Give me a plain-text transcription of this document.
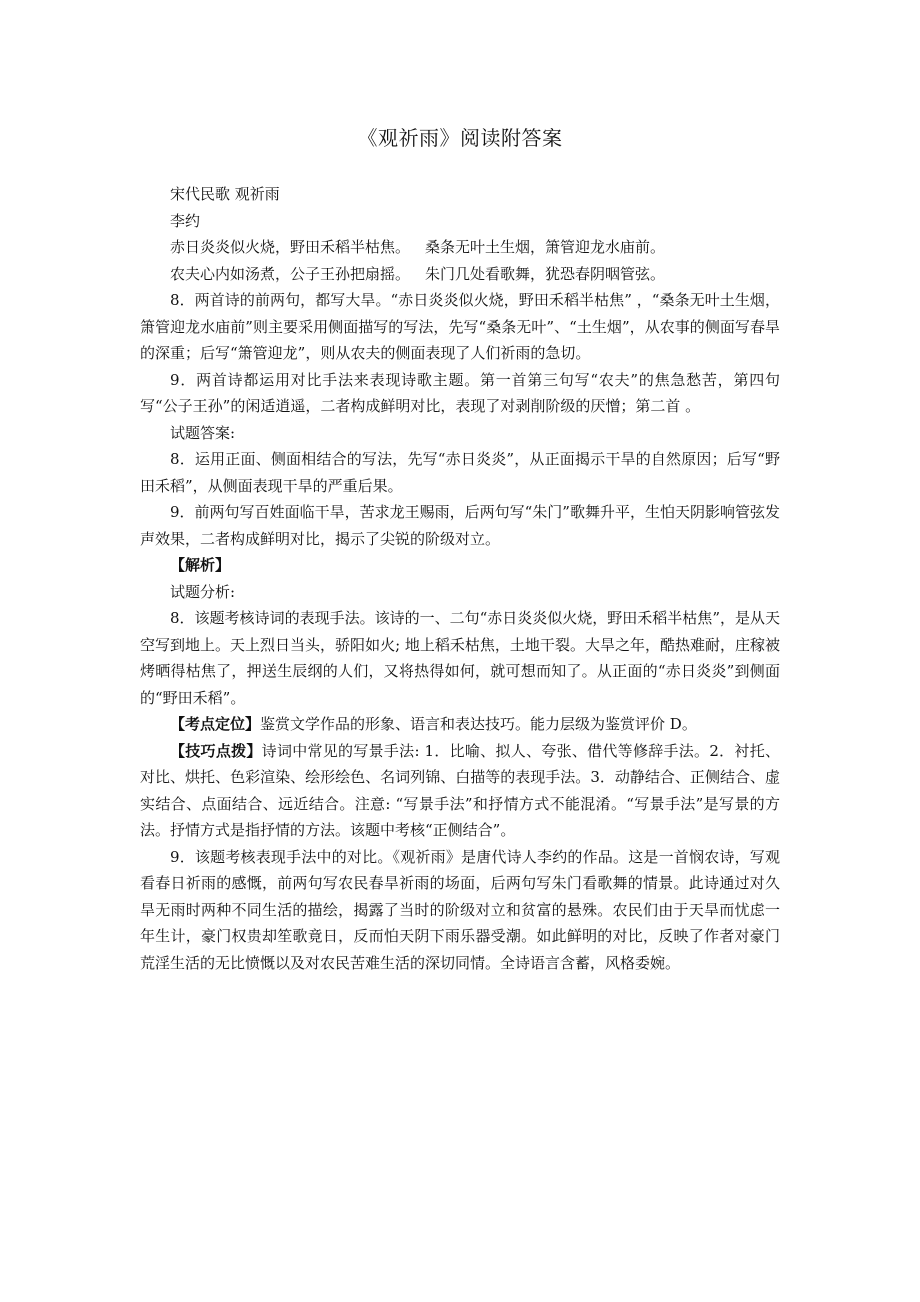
《观祈雨》阅读附答案

宋代民歌 观祈雨

李约

赤日炎炎似火烧，野田禾稻半枯焦。 桑条无叶土生烟，箫管迎龙水庙前。

农夫心内如汤煮，公子王孙把扇摇。 朱门几处看歌舞，犹恐春阴咽管弦。

8．两首诗的前两句，都写大旱。“赤日炎炎似火烧，野田禾稻半枯焦” ，“桑条无叶土生烟，箫管迎龙水庙前”则主要采用侧面描写的写法，先写“桑条无叶”、“土生烟”，从农事的侧面写春旱的深重；后写“箫管迎龙”，则从农夫的侧面表现了人们祈雨的急切。

9．两首诗都运用对比手法来表现诗歌主题。第一首第三句写“农夫”的焦急愁苦，第四句写“公子王孙”的闲适逍遥，二者构成鲜明对比，表现了对剥削阶级的厌憎；第二首 。

试题答案:

8．运用正面、侧面相结合的写法，先写“赤日炎炎”，从正面揭示干旱的自然原因；后写“野田禾稻”，从侧面表现干旱的严重后果。

9．前两句写百姓面临干旱，苦求龙王赐雨，后两句写“朱门”歌舞升平，生怕天阴影响管弦发声效果，二者构成鲜明对比，揭示了尖锐的阶级对立。

【解析】

试题分析:

8．该题考核诗词的表现手法。该诗的一、二句“赤日炎炎似火烧，野田禾稻半枯焦”，是从天空写到地上。天上烈日当头，骄阳如火; 地上稻禾枯焦，土地干裂。大旱之年，酷热难耐，庄稼被烤晒得枯焦了，押送生辰纲的人们，又将热得如何，就可想而知了。从正面的“赤日炎炎”到侧面的“野田禾稻”。

【考点定位】鉴赏文学作品的形象、语言和表达技巧。能力层级为鉴赏评价 D。

【技巧点拨】诗词中常见的写景手法: 1．比喻、拟人、夸张、借代等修辞手法。2．衬托、对比、烘托、色彩渲染、绘形绘色、名词列锦、白描等的表现手法。3．动静结合、正侧结合、虚实结合、点面结合、远近结合。注意: “写景手法”和抒情方式不能混淆。“写景手法”是写景的方法。抒情方式是指抒情的方法。该题中考核“正侧结合”。

9．该题考核表现手法中的对比。《观祈雨》是唐代诗人李约的作品。这是一首悯农诗，写观看春日祈雨的感慨，前两句写农民春旱祈雨的场面，后两句写朱门看歌舞的情景。此诗通过对久旱无雨时两种不同生活的描绘，揭露了当时的阶级对立和贫富的悬殊。农民们由于天旱而忧虑一年生计，豪门权贵却笙歌竟日，反而怕天阴下雨乐器受潮。如此鲜明的对比，反映了作者对豪门荒淫生活的无比愤慨以及对农民苦难生活的深切同情。全诗语言含蓄，风格委婉。
